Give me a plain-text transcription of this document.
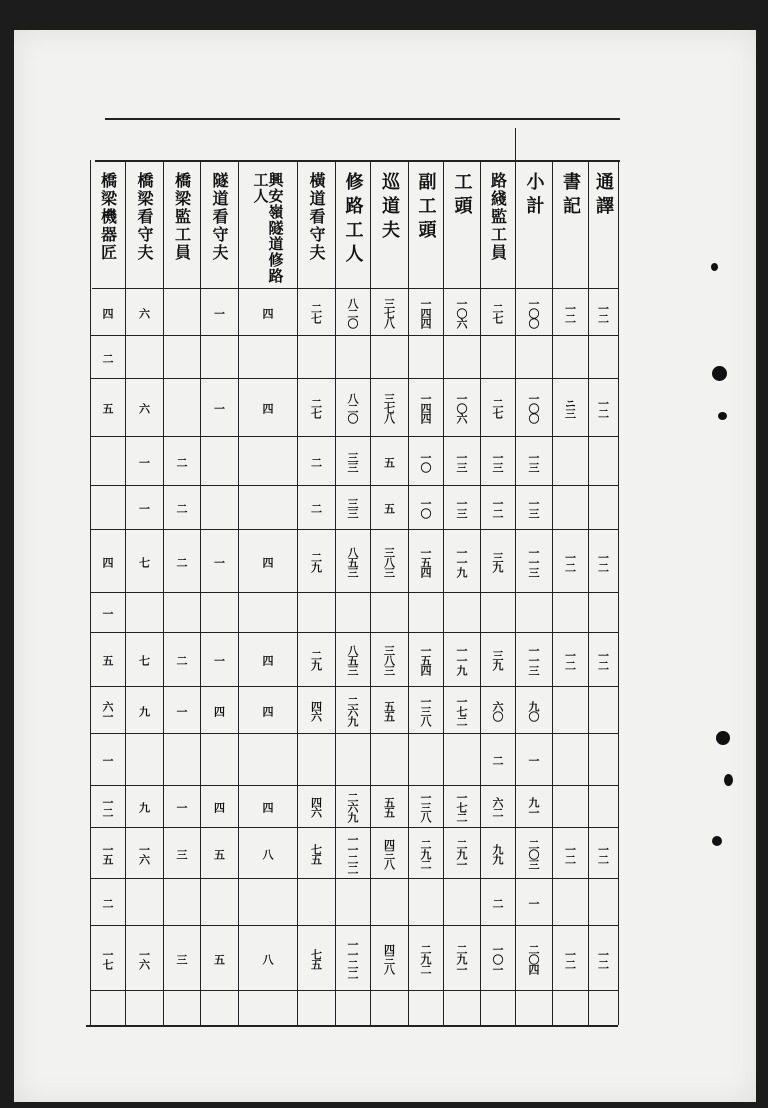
通譯
書記
小計
路綫監工員
工頭
副工頭
巡道夫
修路工人
橫道看守夫
興安嶺隧道修路工人
隧道看守夫
橋梁監工員
橋梁看守夫
橋梁機器匠
一二
一二
一〇〇
二七
一〇六
一四四
三七八
八二〇
二七
四
一
六
四
二
一二
ニ三
一〇〇
二七
一〇六
一四四
三七八
八二〇
二七
四
一
六
五
一三
一三
一三
一〇
五
三三
二
二
一
一三
一二
一三
一〇
五
三三
二
二
一
一二
一二
一一三
三九
一一九
一五四
三八三
八五三
二九
四
一
二
七
四
一
一二
一二
一一三
三九
一一九
一五四
三八三
八五三
二九
四
一
二
七
五
九〇
六〇
一七二
一三八
五五
二六九
四六
四
四
一
九
六一
一
二
一
九一
六二
一七二
一三八
五五
二六九
四六
四
四
一
九
一二
一二
一二
二〇三
九九
二九一
二九二
四三八
一一二二
七五
八
五
三
一六
一五
一
二
二
一二
一二
二〇四
一〇一
二九一
二九二
四三八
一一二二
七五
八
五
三
一六
一七
